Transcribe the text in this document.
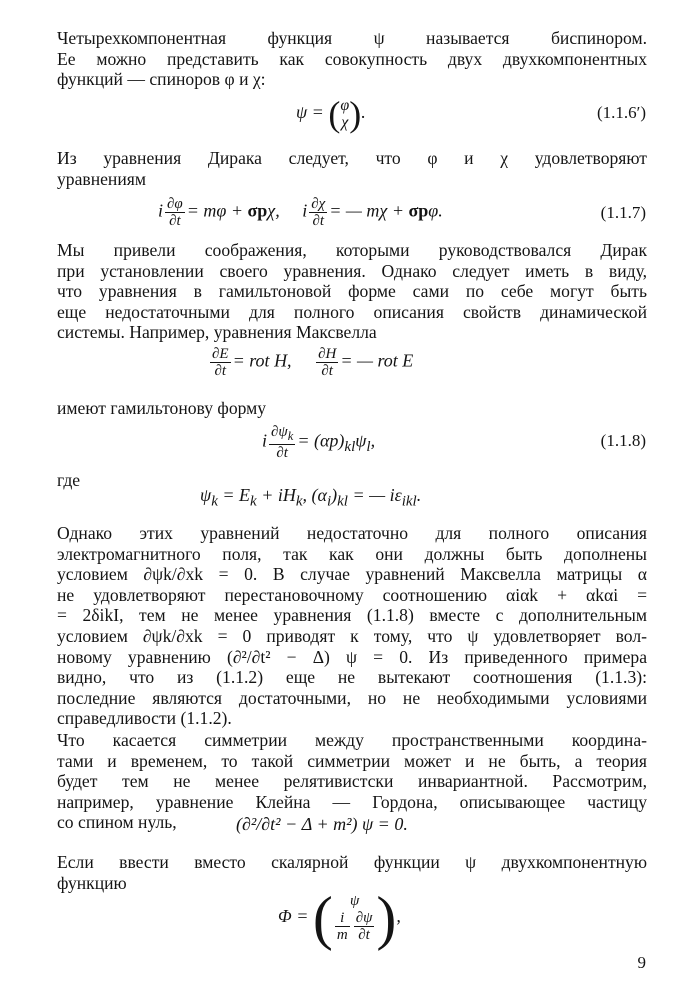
Четырехкомпонентная функция ψ называется биспинором.
Ее можно представить как совокупность двух двухкомпонентных
функций — спиноров φ и χ:

ψ = ( φ
χ ).	(1.1.6′)

Из уравнения Дирака следует, что φ и χ удовлетворяют
уравнениям

i $\frac{\partial\varphi}{\partial t} = m\varphi + \sigma p\chi$, i $\frac{\partial\chi}{\partial t}$ = — mχ + σpφ.	(1.1.7)

Мы привели соображения, которыми руководствовался Дирак
при установлении своего уравнения. Однако следует иметь в виду,
что уравнения в гамильтоновой форме сами по себе могут быть
еще недостаточными для полного описания свойств динамической
системы. Например, уравнения Максвелла

$\frac{\partial E}{\partial t}$ = rot H, $\frac{\partial H}{\partial t}$ = — rot E

имеют гамильтонову форму

i $\frac{\partial\psi_k}{\partial t} = (\alpha p)_{kl}\psi_l$,	(1.1.8)

где

$\psi_k = E_k + iH_k$, $(\alpha_i)_{kl}$ = — $i\varepsilon_{ikl}$.

Однако этих уравнений недостаточно для полного описания
электромагнитного поля, так как они должны быть дополнены
условием ∂ψk/∂xk = 0. В случае уравнений Максвелла матрицы α
не удовлетворяют перестановочному соотношению αiαk + αkαi =
= 2δikI, тем не менее уравнения (1.1.8) вместе с дополнительным
условием ∂ψk/∂xk = 0 приводят к тому, что ψ удовлетворяет вол-
новому уравнению (∂²/∂t² − Δ) ψ = 0. Из приведенного примера
видно, что из (1.1.2) еще не вытекают соотношения (1.1.3):
последние являются достаточными, но не необходимыми условиями
справедливости (1.1.2).

Что касается симметрии между пространственными координа-
тами и временем, то такой симметрии может и не быть, а теория
будет тем не менее релятивистски инвариантной. Рассмотрим,
например, уравнение Клейна — Гордона, описывающее частицу
со спином нуль,	(∂²/∂t² − Δ + m²) ψ = 0.

Если ввести вместо скалярной функции ψ двухкомпонентную
функцию

Φ = (	ψ
$\frac{i}{m} \frac{\partial\psi}{\partial t}$ ),
9
